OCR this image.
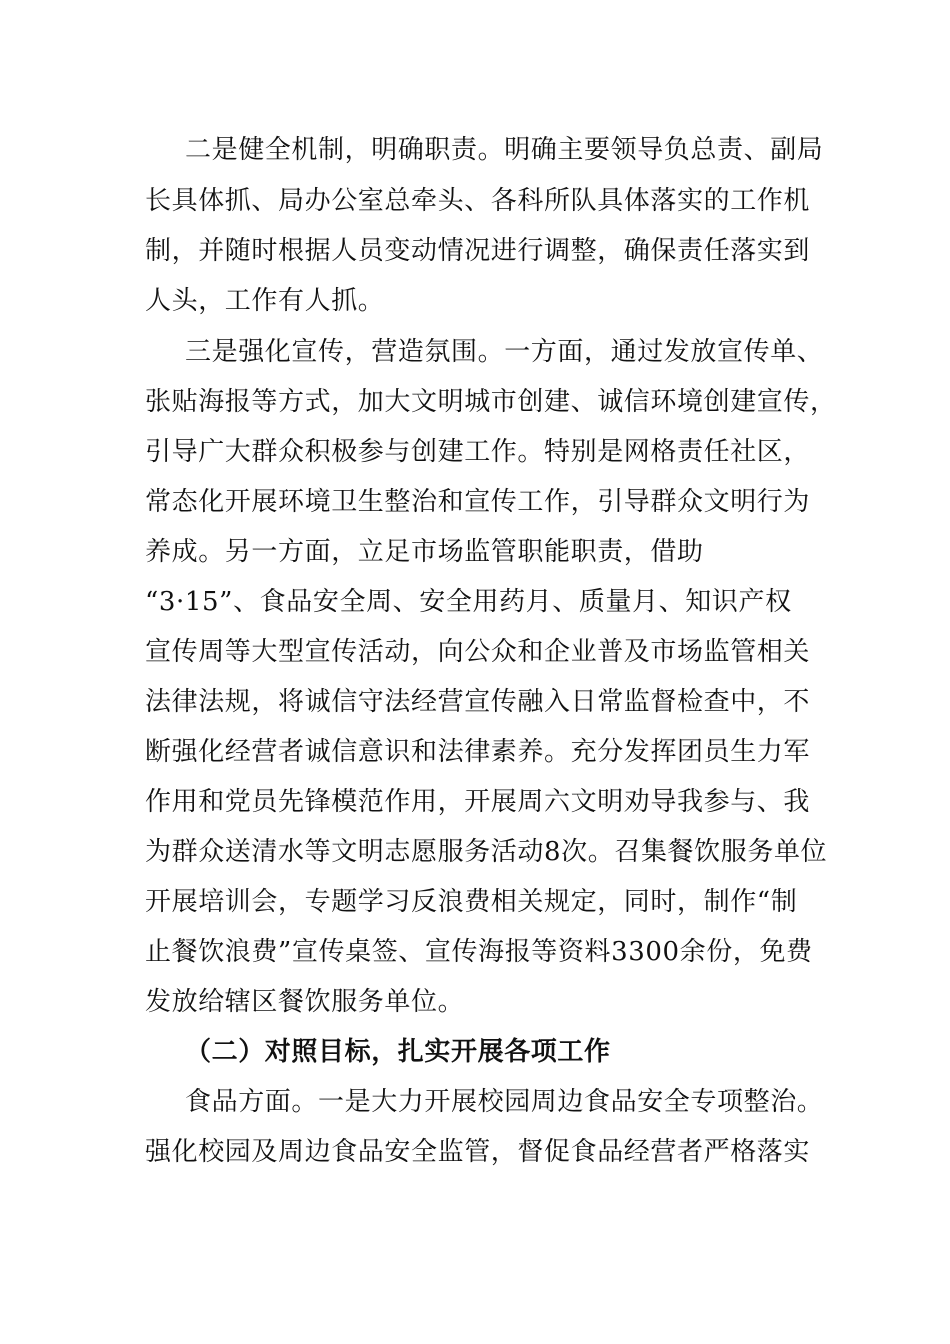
二是健全机制，明确职责。明确主要领导负总责、副局
长具体抓、局办公室总牵头、各科所队具体落实的工作机
制，并随时根据人员变动情况进行调整，确保责任落实到
人头，工作有人抓。
三是强化宣传，营造氛围。一方面，通过发放宣传单、
张贴海报等方式，加大文明城市创建、诚信环境创建宣传，
引导广大群众积极参与创建工作。特别是网格责任社区，
常态化开展环境卫生整治和宣传工作，引导群众文明行为
养成。另一方面，立足市场监管职能职责，借助
“3·15”、食品安全周、安全用药月、质量月、知识产权
宣传周等大型宣传活动，向公众和企业普及市场监管相关
法律法规，将诚信守法经营宣传融入日常监督检查中，不
断强化经营者诚信意识和法律素养。充分发挥团员生力军
作用和党员先锋模范作用，开展周六文明劝导我参与、我
为群众送清水等文明志愿服务活动8次。召集餐饮服务单位
开展培训会，专题学习反浪费相关规定，同时，制作“制
止餐饮浪费”宣传桌签、宣传海报等资料3300余份，免费
发放给辖区餐饮服务单位。
（二）对照目标，扎实开展各项工作
食品方面。一是大力开展校园周边食品安全专项整治。
强化校园及周边食品安全监管，督促食品经营者严格落实
